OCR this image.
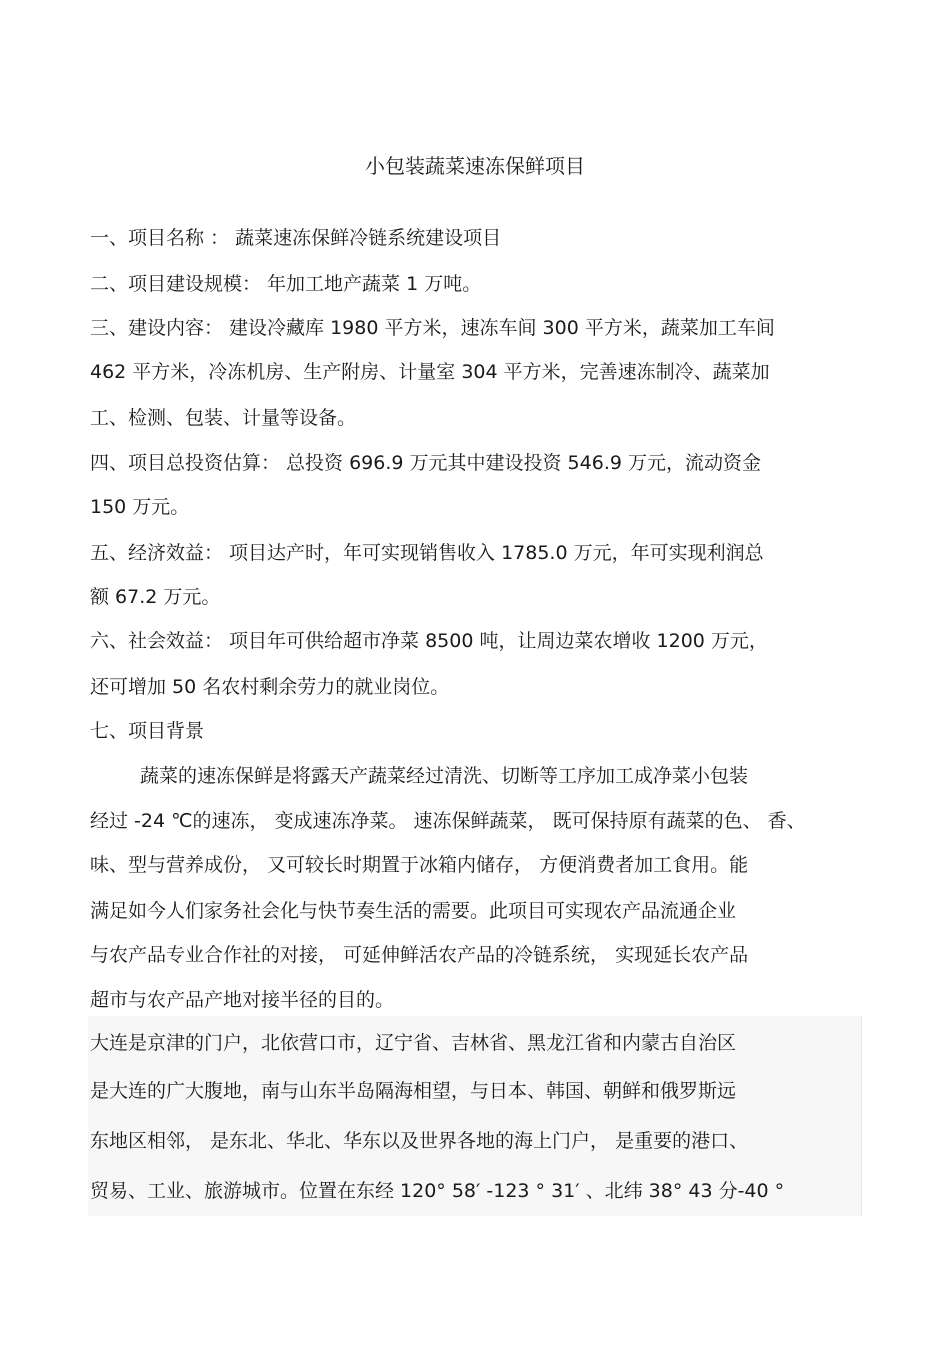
小包装蔬菜速冻保鲜项目
一、项目名称 ： 蔬菜速冻保鲜冷链系统建设项目
二、项目建设规模： 年加工地产蔬菜 1 万吨。
三、建设内容： 建设冷藏库 1980 平方米，速冻车间 300 平方米，蔬菜加工车间
462 平方米，冷冻机房、生产附房、计量室 304 平方米，完善速冻制冷、蔬菜加
工、检测、包装、计量等设备。
四、项目总投资估算： 总投资 696.9 万元其中建设投资 546.9 万元，流动资金
150 万元。
五、经济效益： 项目达产时，年可实现销售收入 1785.0 万元，年可实现利润总
额 67.2 万元。
六、社会效益： 项目年可供给超市净菜 8500 吨，让周边菜农增收 1200 万元，
还可增加 50 名农村剩余劳力的就业岗位。
七、项目背景
蔬菜的速冻保鲜是将露天产蔬菜经过清洗、切断等工序加工成净菜小包装
经过 -24 ℃的速冻， 变成速冻净菜。 速冻保鲜蔬菜， 既可保持原有蔬菜的色、 香、
味、型与营养成份， 又可较长时期置于冰箱内储存， 方便消费者加工食用。能
满足如今人们家务社会化与快节奏生活的需要。此项目可实现农产品流通企业
与农产品专业合作社的对接， 可延伸鲜活农产品的冷链系统， 实现延长农产品
超市与农产品产地对接半径的目的。
大连是京津的门户，北依营口市，辽宁省、吉林省、黑龙江省和内蒙古自治区
是大连的广大腹地，南与山东半岛隔海相望，与日本、韩国、朝鲜和俄罗斯远
东地区相邻， 是东北、华北、华东以及世界各地的海上门户， 是重要的港口、
贸易、工业、旅游城市。位置在东经 120° 58′ -123 ° 31′ 、北纬 38° 43 分-40 °
